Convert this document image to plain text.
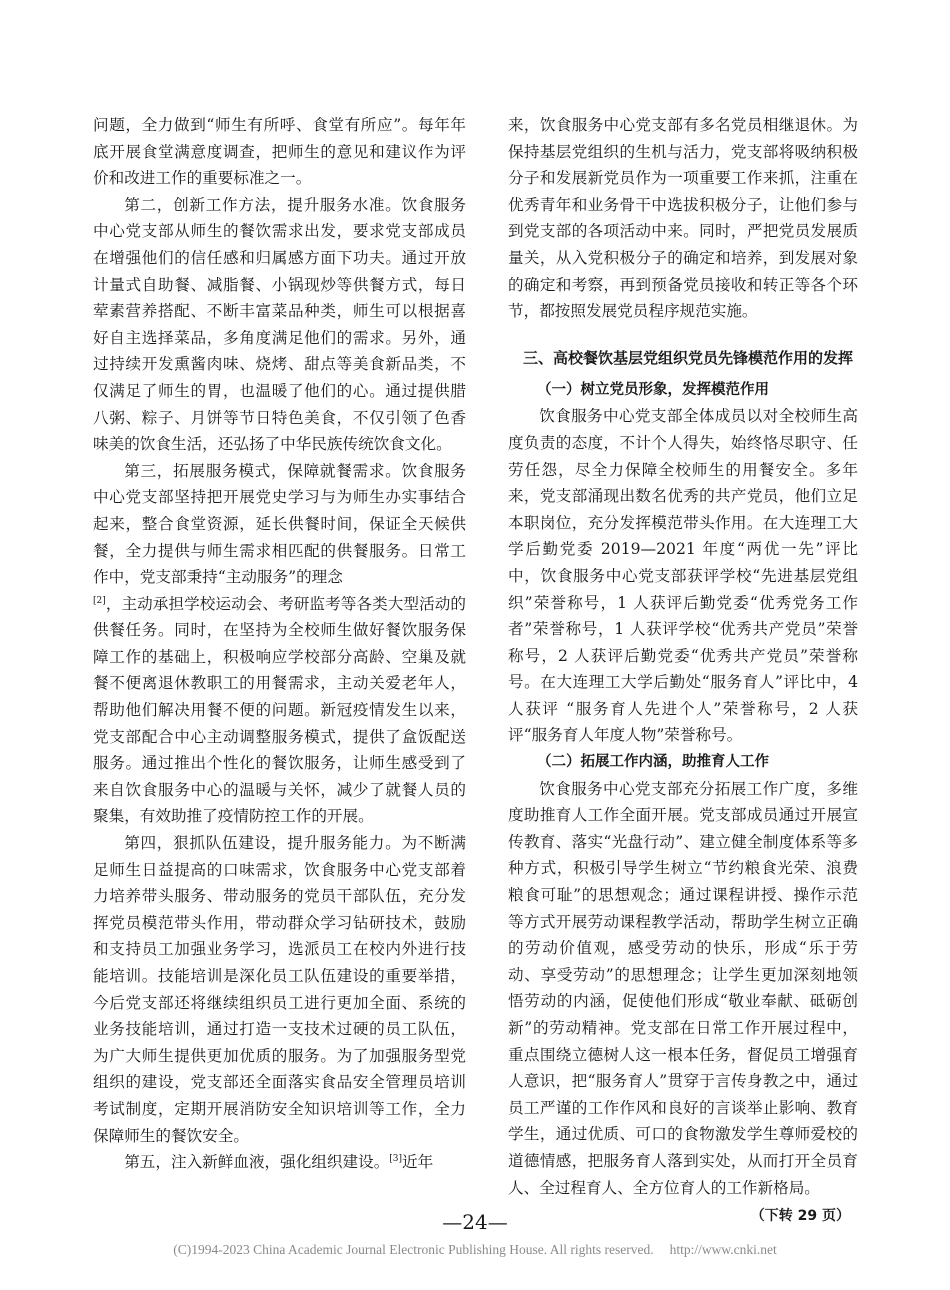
问题，全力做到“师生有所呼、食堂有所应”。每年年底开展食堂满意度调查，把师生的意见和建议作为评价和改进工作的重要标准之一。

第二，创新工作方法，提升服务水准。饮食服务中心党支部从师生的餐饮需求出发，要求党支部成员在增强他们的信任感和归属感方面下功夫。通过开放计量式自助餐、减脂餐、小锅现炒等供餐方式，每日荤素营养搭配、不断丰富菜品种类，师生可以根据喜好自主选择菜品，多角度满足他们的需求。另外，通过持续开发熏酱肉味、烧烤、甜点等美食新品类，不仅满足了师生的胃，也温暖了他们的心。通过提供腊八粥、粽子、月饼等节日特色美食，不仅引领了色香味美的饮食生活，还弘扬了中华民族传统饮食文化。

第三，拓展服务模式，保障就餐需求。饮食服务中心党支部坚持把开展党史学习与为师生办实事结合起来，整合食堂资源，延长供餐时间，保证全天候供餐，全力提供与师生需求相匹配的供餐服务。日常工作中，党支部秉持“主动服务”的理念
[2]，主动承担学校运动会、考研监考等各类大型活动的供餐任务。同时，在坚持为全校师生做好餐饮服务保障工作的基础上，积极响应学校部分高龄、空巢及就餐不便离退休教职工的用餐需求，主动关爱老年人，帮助他们解决用餐不便的问题。新冠疫情发生以来，党支部配合中心主动调整服务模式，提供了盒饭配送服务。通过推出个性化的餐饮服务，让师生感受到了来自饮食服务中心的温暖与关怀，减少了就餐人员的聚集，有效助推了疫情防控工作的开展。

第四，狠抓队伍建设，提升服务能力。为不断满足师生日益提高的口味需求，饮食服务中心党支部着力培养带头服务、带动服务的党员干部队伍，充分发挥党员模范带头作用，带动群众学习钻研技术，鼓励和支持员工加强业务学习，选派员工在校内外进行技能培训。技能培训是深化员工队伍建设的重要举措，今后党支部还将继续组织员工进行更加全面、系统的业务技能培训，通过打造一支技术过硬的员工队伍，为广大师生提供更加优质的服务。为了加强服务型党组织的建设，党支部还全面落实食品安全管理员培训考试制度，定期开展消防安全知识培训等工作，全力保障师生的餐饮安全。

第五，注入新鲜血液，强化组织建设。[3]近年

来，饮食服务中心党支部有多名党员相继退休。为保持基层党组织的生机与活力，党支部将吸纳积极分子和发展新党员作为一项重要工作来抓，注重在优秀青年和业务骨干中选拔积极分子，让他们参与到党支部的各项活动中来。同时，严把党员发展质量关，从入党积极分子的确定和培养，到发展对象的确定和考察，再到预备党员接收和转正等各个环节，都按照发展党员程序规范实施。

三、高校餐饮基层党组织党员先锋模范作用的发挥

（一）树立党员形象，发挥模范作用

饮食服务中心党支部全体成员以对全校师生高度负责的态度，不计个人得失，始终恪尽职守、任劳任怨，尽全力保障全校师生的用餐安全。多年来，党支部涌现出数名优秀的共产党员，他们立足本职岗位，充分发挥模范带头作用。在大连理工大学后勤党委 2019—2021 年度“两优一先”评比中，饮食服务中心党支部获评学校“先进基层党组织”荣誉称号，1 人获评后勤党委“优秀党务工作者”荣誉称号，1 人获评学校“优秀共产党员”荣誉称号，2 人获评后勤党委“优秀共产党员”荣誉称号。在大连理工大学后勤处“服务育人”评比中，4 人获评 “服务育人先进个人”荣誉称号，2 人获评“服务育人年度人物”荣誉称号。

（二）拓展工作内涵，助推育人工作

饮食服务中心党支部充分拓展工作广度，多维度助推育人工作全面开展。党支部成员通过开展宣传教育、落实“光盘行动”、建立健全制度体系等多种方式，积极引导学生树立“节约粮食光荣、浪费粮食可耻”的思想观念；通过课程讲授、操作示范等方式开展劳动课程教学活动，帮助学生树立正确的劳动价值观，感受劳动的快乐，形成“乐于劳动、享受劳动”的思想理念；让学生更加深刻地领悟劳动的内涵，促使他们形成“敬业奉献、砥砺创新”的劳动精神。党支部在日常工作开展过程中，重点围绕立德树人这一根本任务，督促员工增强育人意识，把“服务育人”贯穿于言传身教之中，通过员工严谨的工作作风和良好的言谈举止影响、教育学生，通过优质、可口的食物激发学生尊师爱校的道德情感，把服务育人落到实处，从而打开全员育人、全过程育人、全方位育人的工作新格局。

（下转 29 页）

—24—
(C)1994-2023 China Academic Journal Electronic Publishing House. All rights reserved. http://www.cnki.net
